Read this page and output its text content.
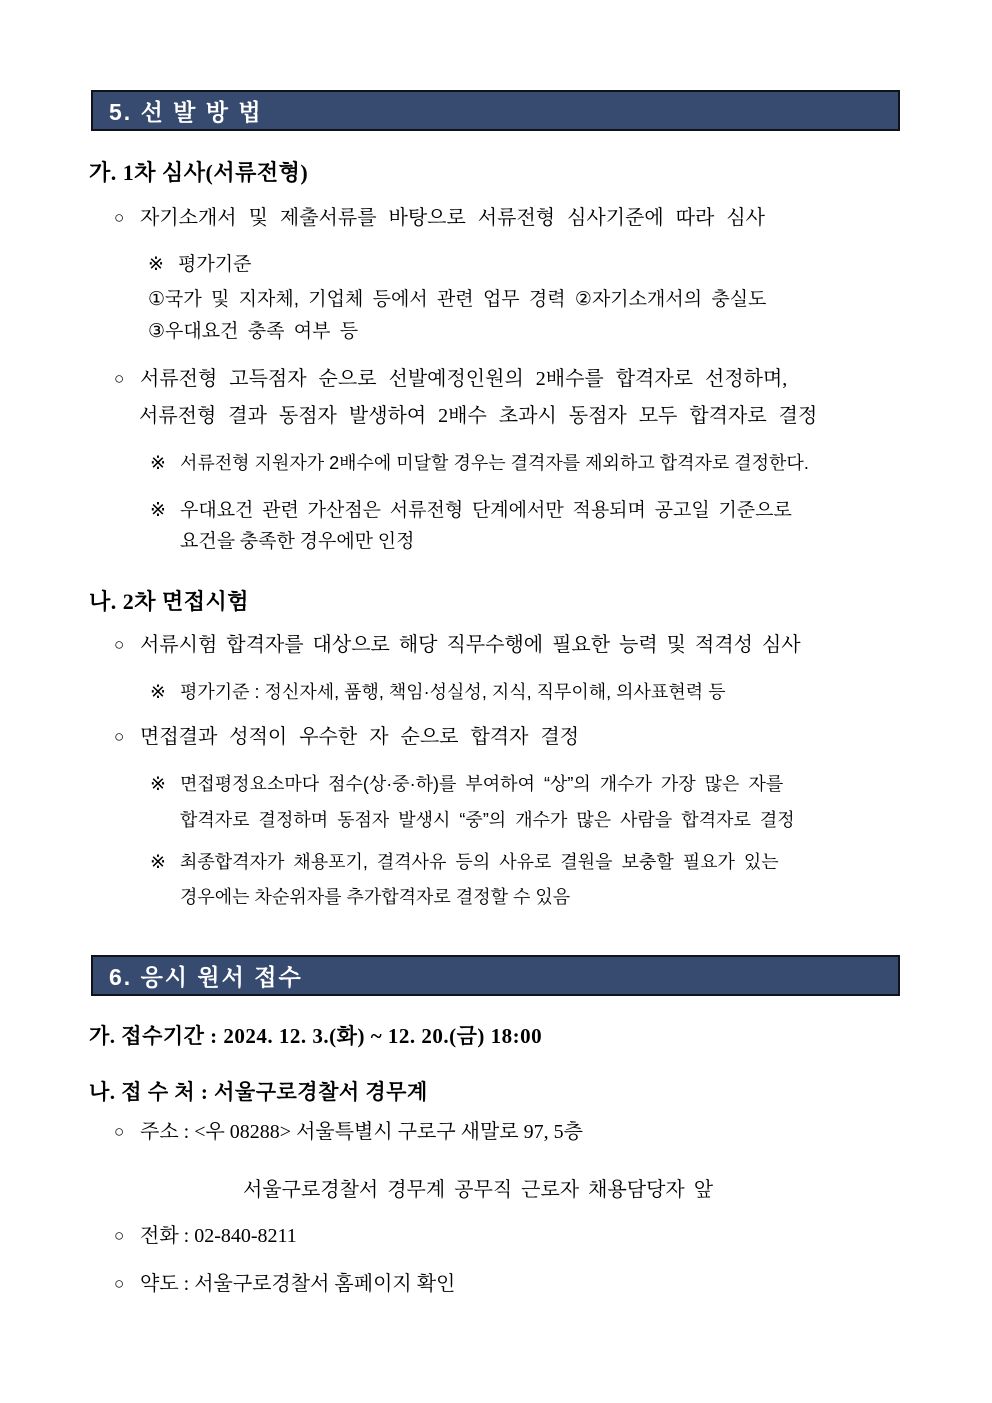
5. 선 발 방 법
가. 1차 심사(서류전형)
○ 자기소개서 및 제출서류를 바탕으로 서류전형 심사기준에 따라 심사
※ 평가기준
①국가 및 지자체, 기업체 등에서 관련 업무 경력 ②자기소개서의 충실도
③우대요건 충족 여부 등
○ 서류전형 고득점자 순으로 선발예정인원의 2배수를 합격자로 선정하며,
서류전형 결과 동점자 발생하여 2배수 초과시 동점자 모두 합격자로 결정
※ 서류전형 지원자가 2배수에 미달할 경우는 결격자를 제외하고 합격자로 결정한다.
※ 우대요건 관련 가산점은 서류전형 단계에서만 적용되며 공고일 기준으로
요건을 충족한 경우에만 인정
나. 2차 면접시험
○ 서류시험 합격자를 대상으로 해당 직무수행에 필요한 능력 및 적격성 심사
※ 평가기준 : 정신자세, 품행, 책임·성실성, 지식, 직무이해, 의사표현력 등
○ 면접결과 성적이 우수한 자 순으로 합격자 결정
※ 면접평정요소마다 점수(상·중·하)를 부여하여 “상”의 개수가 가장 많은 자를
합격자로 결정하며 동점자 발생시 “중”의 개수가 많은 사람을 합격자로 결정
※ 최종합격자가 채용포기, 결격사유 등의 사유로 결원을 보충할 필요가 있는
경우에는 차순위자를 추가합격자로 결정할 수 있음
6. 응시 원서 접수
가. 접수기간 : 2024. 12. 3.(화) ~ 12. 20.(금) 18:00
나. 접 수 처 : 서울구로경찰서 경무계
○ 주소 : <우 08288> 서울특별시 구로구 새말로 97, 5층
서울구로경찰서 경무계 공무직 근로자 채용담당자 앞
○ 전화 : 02-840-8211
○ 약도 : 서울구로경찰서 홈페이지 확인
